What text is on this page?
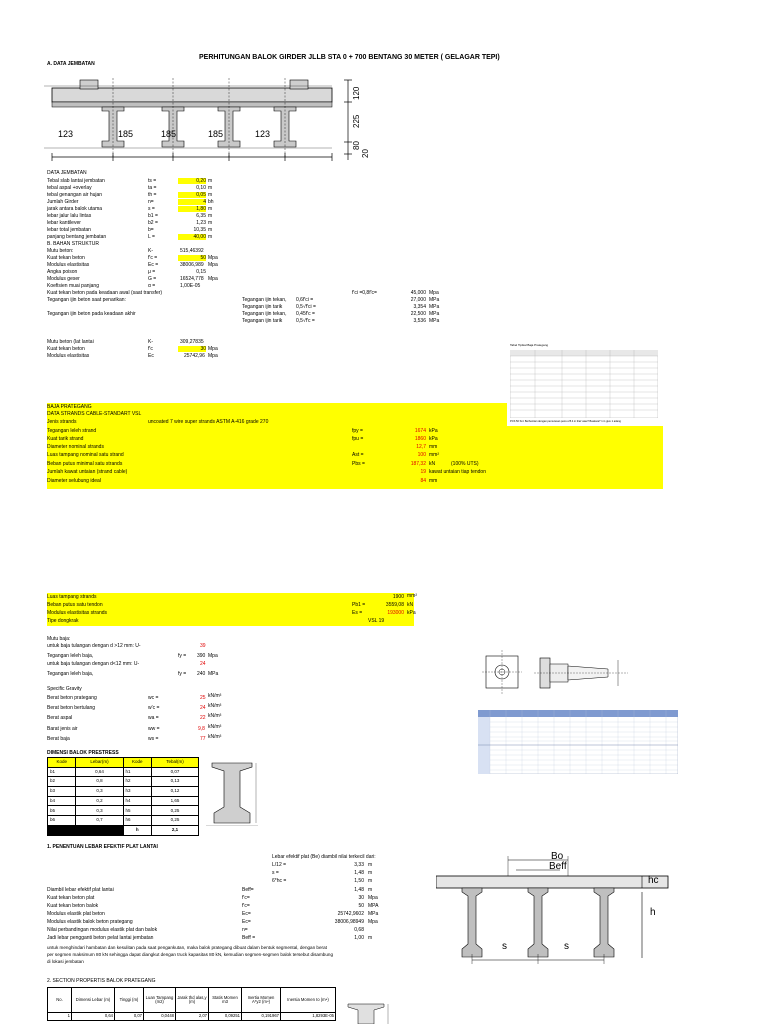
PERHITUNGAN BALOK GIRDER JLLB STA 0 + 700 BENTANG 30 METER ( GELAGAR TEPI)
A. DATA JEMBATAN
123	185	185	185	123
120
225
80
20
DATA JEMBATAN
Tebal slab lantai jembatan	ts =	0,20 m
tebal aspal +overlay	ta =	0,10 m
tebal genangan air hujan	th =	0,05 m
Jumlah Girder	n=	4 bh
jarak antara balok utama	s =	1,80 m
lebar jalur lalu lintas	b1 =	6,35 m
lebar kantilever	b2 =	1,23 m
lebar total jembatan	b=	10,35 m
panjang bentang jembatan	L =	40,00 m
B. BAHAN STRUKTUR
Mutu beton:	K-	515,46392
Kuat tekan beton	f'c =	50 Mpa
Modulus elastisitas	Ec =	38006,989 Mpa
Angka poison	μ =	0,15
Modulus geser	G =	16524,778 Mpa
Koefisien muai panjang	α =	1,00E-05
Kuat tekan beton pada keadaan awal (saat transfer)	f'ci =0,8f'c=	45,000 Mpa
Tegangan ijin beton saat penarikan:	Tegangan ijin tekan, 0,6f'ci =	27,000 MPa
Tegangan ijin tarik	0,5√f'ci =	3,354 MPa
Tegangan ijin beton pada keadaan akhir	Tegangan ijin tekan, 0,45f'c =	22,500 MPa
Tegangan ijin tarik	0,5√f'c =	3,536 MPa
Mutu beton (lat lantai	K-	309,27835
Kuat tekan beton	f'c	30 Mpa
Modulus elastisitas	Ec	25742,96 Mpa
Tabel Tipikal Baja Prategang
PCS 50 Sni: Berhentian dengan pemutusan pemu 25.4 in that' atau? Baskara? 1 in give 1 adang
BAJA PRATEGANG
DATA STRANDS CABLE-STANDART VSL
Jenis strands	uncoated 7 wire super strands ASTM A-416 grade 270
Tegangan leleh strand	fpy =	1674 kPa
Kuat tarik strand	fpu =	1860 kPa
Diameter nominal strands	12,7 mm
Luas tampang nominal satu strand	Ast =	100 mm²
Beban putus minimal satu strands	Pbs =	187,32 kN	(100% UTS)
Jumlah kawat untaian (strand cable)	19 kawat untaian tiap tendon
Diameter selubung ideal	84 mm
Luas tampang strands	1900 mm²
Beban putus satu tendon	Pb1 =	3559,08 kN
Modulus elastisitas strands	Es =	193000 kPa
Tipe dongkrak	VSL 19
Mutu baja:
untuk baja tulangan dengan d >12 mm: U-	39
Tegangan leleh baja,	fy = 390 Mpa
untuk baja tulangan dengan d<12 mm: U-	24
Tegangan leleh baja,	fy = 240 MPa
Specific Gravity
Berat beton prategang	wc =	25 kN/m³
Berat beton bertulang	w'c =	24 kN/m³
Berat aspal	wa =	22 kN/m³
Barat jenis air	ww =	9,8 kN/m³
Berat baja	ws =	77 kN/m³
DIMENSI BALOK PRESTRESS
Kode	Lebar(m)	Kode	Tebal(m)
b1	0,64	h1	0,07
b2	0,8	h2	0,13
b3	0,3	h3	0,12
b4	0,2	h4	1,65
b5	0,3	h5	0,25
b6	0,7	h6	0,25
		h	2,1
1. PENENTUAN LEBAR EFEKTIF PLAT LANTAI
Lebar efektif plat (Be) diambil nilai terkecil dari:
L/12 =	3,33 m
s =	1,48 m
6*hc =	1,50 m
Diambil lebar efektif plat lantai	Beff=	1,48 m
Kuat tekan beton plat	f'c=	30 Mpa
Kuat tekan beton balok	f'c=	50 MPA
Modulus elastik plat beton	Ec=	25742,9602 MPa
Modulus elastik balok beton prategang	Ec=	38006,98949 Mpa
Nilai perbandingan modulus elastik plat dan balok	n=	0,68
Jadi lebar pengganti beton pelat lantai jembatan	Beff =	1,00 m
untuk menghindari hambatan dan kesulitan pada saat pengankutan, maka balok prategang dibuat dalam bentuk segmental, dengan berat
per segmen maksimum 80 kN sehingga dapat diangkut dengan truck kapasitas 80 kN, kemudian segmen-segmen balok tersebut disambung
di lokasi jembatan
Bo
Beff
hc
h
s	s
2. SECTION PROPERTIS BALOK PRATEGANG
No.	Dimensi Lebar (m)	Tinggi (m)	Luan Tampang (m2)	Jarak thd alas,y (m)	Statis Momen m3	Inertia Momen A*y2 (m⁴)	Inersia Momen Io (m⁴)
1	0,64	0,07	0,0448	2,07	0,09251	0,191967	1,8293E-05
